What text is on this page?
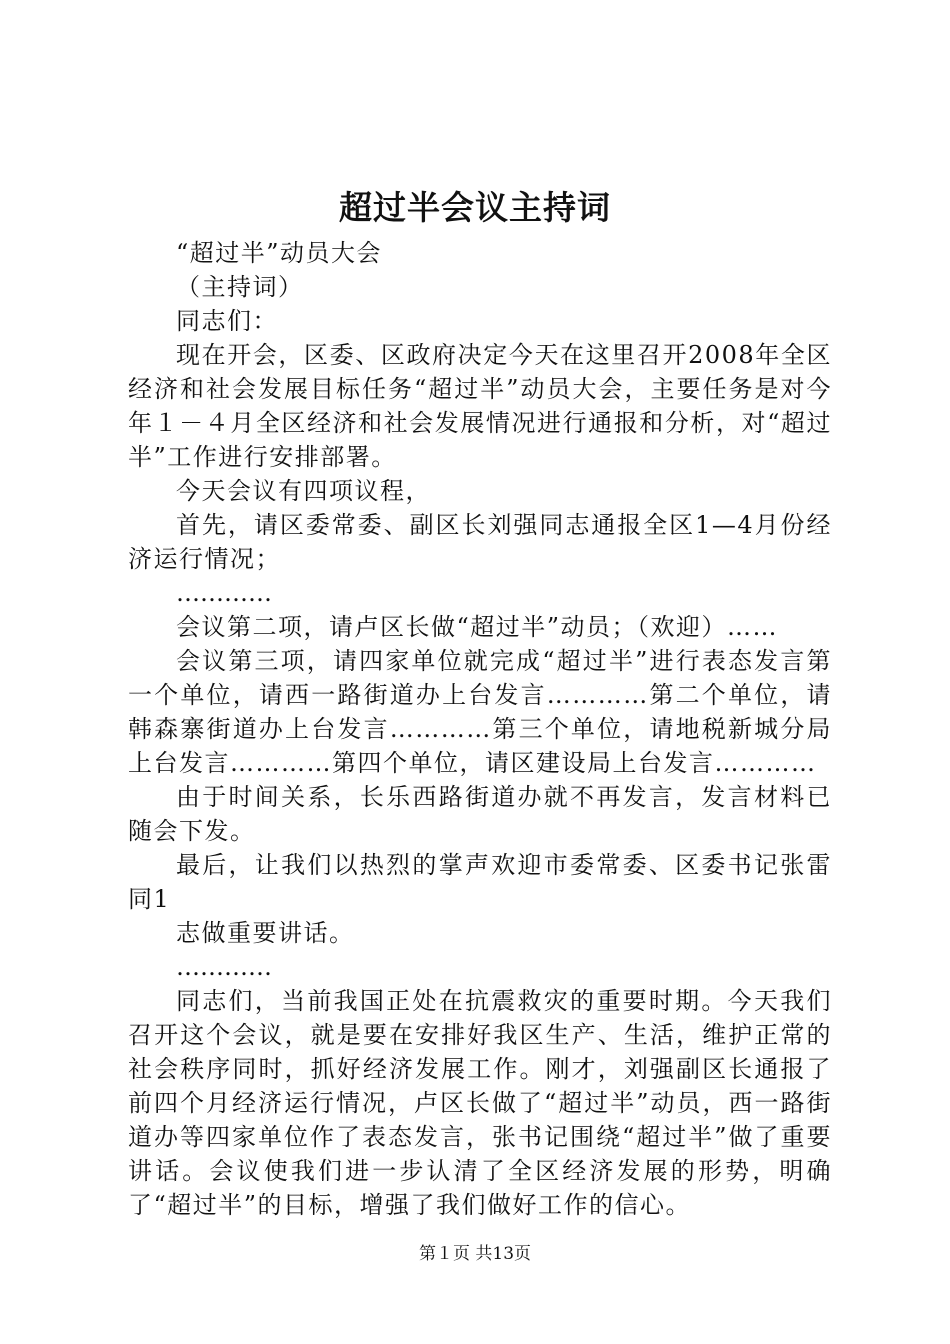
超过半会议主持词

“超过半”动员大会

（主持词）

同志们：

现在开会，区委、区政府决定今天在这里召开2008年全区经济和社会发展目标任务“超过半”动员大会，主要任务是对今年１－４月全区经济和社会发展情况进行通报和分析，对“超过半”工作进行安排部署。

今天会议有四项议程，

首先，请区委常委、副区长刘强同志通报全区1—4月份经济运行情况；

…………

会议第二项，请卢区长做“超过半”动员；（欢迎）……

会议第三项，请四家单位就完成“超过半”进行表态发言第一个单位，请西一路街道办上台发言…………第二个单位，请韩森寨街道办上台发言…………第三个单位，请地税新城分局上台发言…………第四个单位，请区建设局上台发言…………

由于时间关系，长乐西路街道办就不再发言，发言材料已随会下发。

最后，让我们以热烈的掌声欢迎市委常委、区委书记张雷同1

志做重要讲话。

…………

同志们，当前我国正处在抗震救灾的重要时期。今天我们召开这个会议，就是要在安排好我区生产、生活，维护正常的社会秩序同时，抓好经济发展工作。刚才，刘强副区长通报了前四个月经济运行情况，卢区长做了“超过半”动员，西一路街道办等四家单位作了表态发言，张书记围绕“超过半”做了重要讲话。会议使我们进一步认清了全区经济发展的形势，明确了“超过半”的目标，增强了我们做好工作的信心。

第１页 共13页
